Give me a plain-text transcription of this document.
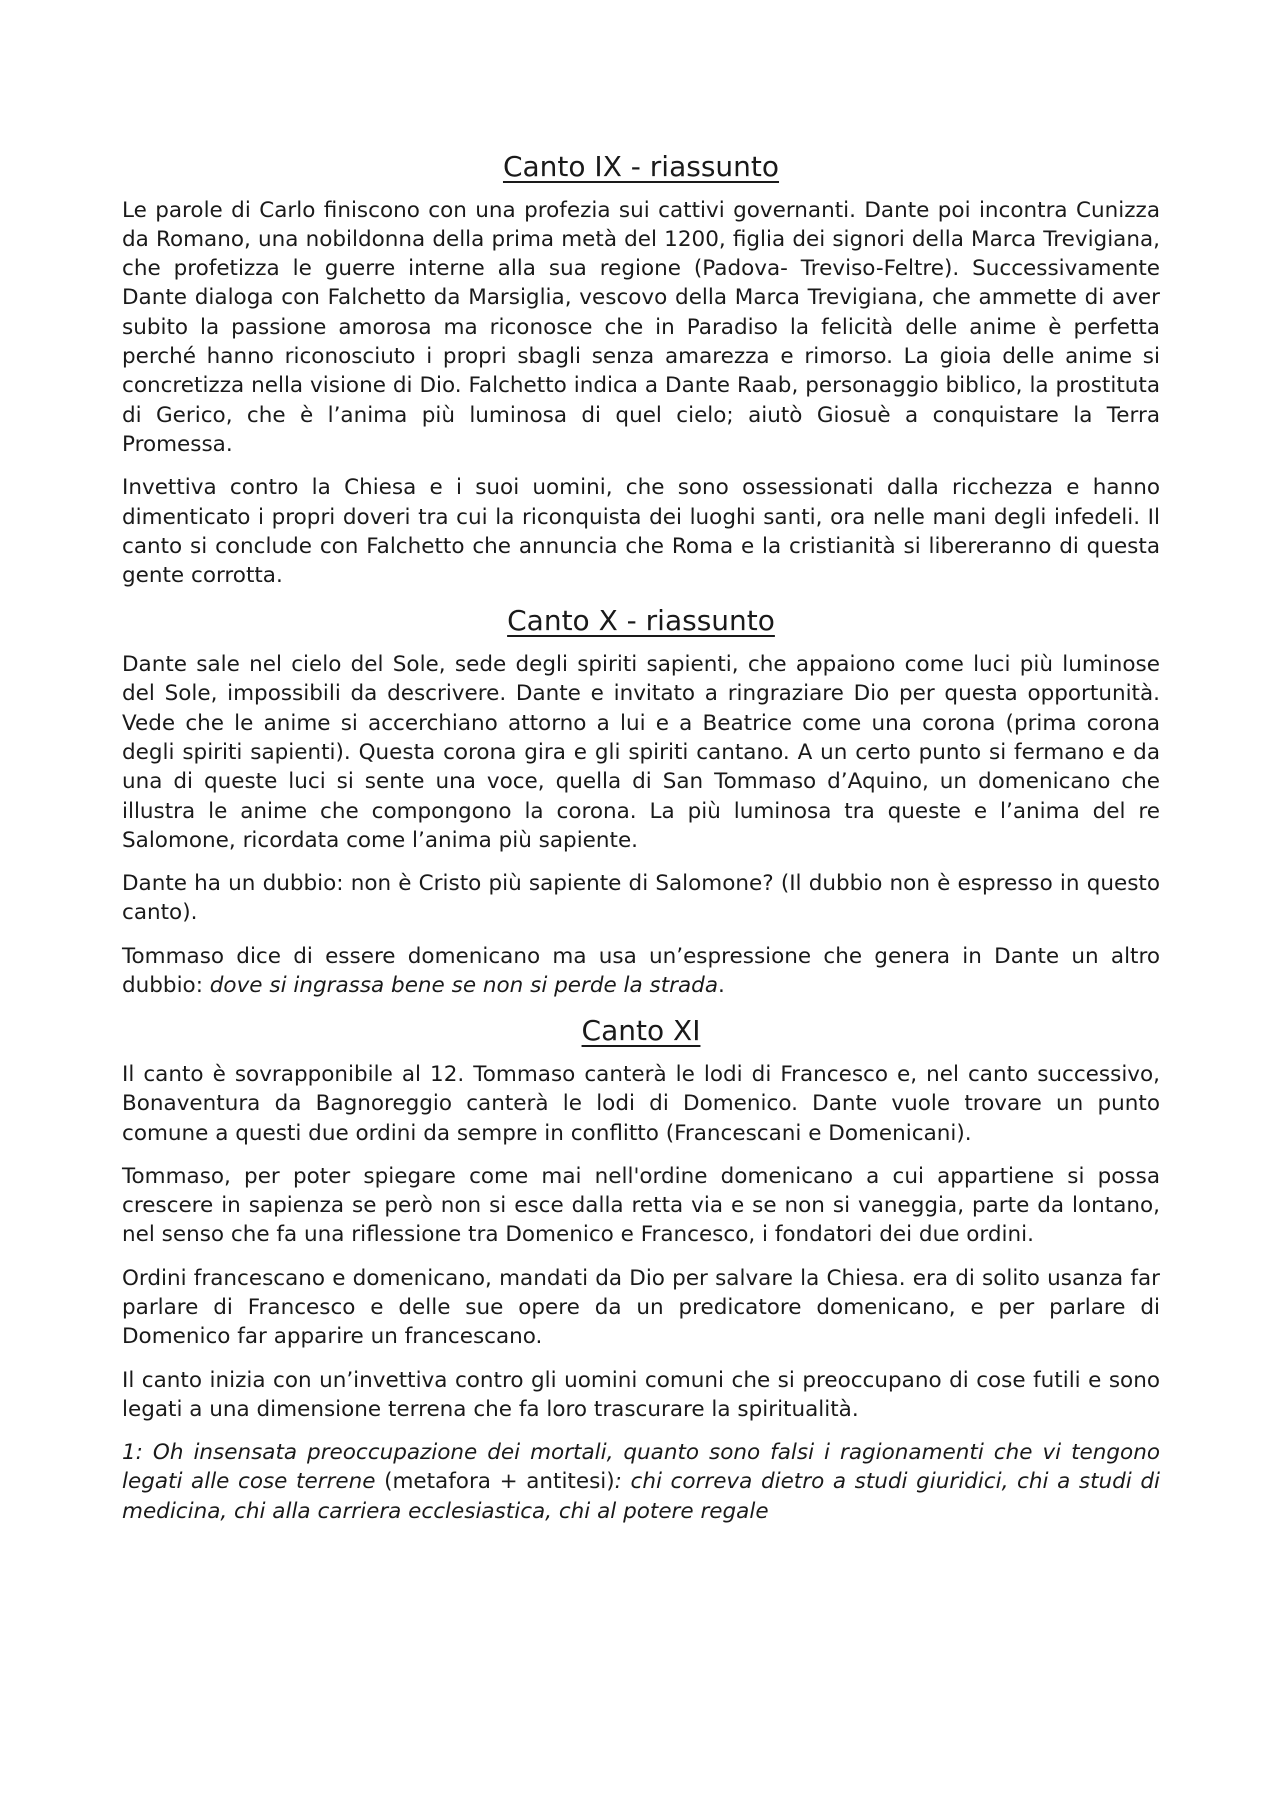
Canto IX - riassunto

Le parole di Carlo finiscono con una profezia sui cattivi governanti. Dante poi incontra Cunizza da Romano, una nobildonna della prima metà del 1200, figlia dei signori della Marca Trevigiana, che profetizza le guerre interne alla sua regione (Padova- Treviso-Feltre). Successivamente Dante dialoga con Falchetto da Marsiglia, vescovo della Marca Trevigiana, che ammette di aver subito la passione amorosa ma riconosce che in Paradiso la felicità delle anime è perfetta perché hanno riconosciuto i propri sbagli senza amarezza e rimorso. La gioia delle anime si concretizza nella visione di Dio. Falchetto indica a Dante Raab, personaggio biblico, la prostituta di Gerico, che è l’anima più luminosa di quel cielo; aiutò Giosuè a conquistare la Terra Promessa.

Invettiva contro la Chiesa e i suoi uomini, che sono ossessionati dalla ricchezza e hanno dimenticato i propri doveri tra cui la riconquista dei luoghi santi, ora nelle mani degli infedeli. Il canto si conclude con Falchetto che annuncia che Roma e la cristianità si libereranno di questa gente corrotta.

Canto X - riassunto

Dante sale nel cielo del Sole, sede degli spiriti sapienti, che appaiono come luci più luminose del Sole, impossibili da descrivere. Dante e invitato a ringraziare Dio per questa opportunità. Vede che le anime si accerchiano attorno a lui e a Beatrice come una corona (prima corona degli spiriti sapienti). Questa corona gira e gli spiriti cantano. A un certo punto si fermano e da una di queste luci si sente una voce, quella di San Tommaso d’Aquino, un domenicano che illustra le anime che compongono la corona. La più luminosa tra queste e l’anima del re Salomone, ricordata come l’anima più sapiente.

Dante ha un dubbio: non è Cristo più sapiente di Salomone? (Il dubbio non è espresso in questo canto).

Tommaso dice di essere domenicano ma usa un’espressione che genera in Dante un altro dubbio: dove si ingrassa bene se non si perde la strada.

Canto XI

Il canto è sovrapponibile al 12. Tommaso canterà le lodi di Francesco e, nel canto successivo, Bonaventura da Bagnoreggio canterà le lodi di Domenico. Dante vuole trovare un punto comune a questi due ordini da sempre in conflitto (Francescani e Domenicani).

Tommaso, per poter spiegare come mai nell'ordine domenicano a cui appartiene si possa crescere in sapienza se però non si esce dalla retta via e se non si vaneggia, parte da lontano, nel senso che fa una riflessione tra Domenico e Francesco, i fondatori dei due ordini.

Ordini francescano e domenicano, mandati da Dio per salvare la Chiesa. era di solito usanza far parlare di Francesco e delle sue opere da un predicatore domenicano, e per parlare di Domenico far apparire un francescano.

Il canto inizia con un’invettiva contro gli uomini comuni che si preoccupano di cose futili e sono legati a una dimensione terrena che fa loro trascurare la spiritualità.

1: Oh insensata preoccupazione dei mortali, quanto sono falsi i ragionamenti che vi tengono legati alle cose terrene (metafora + antitesi): chi correva dietro a studi giuridici, chi a studi di medicina, chi alla carriera ecclesiastica, chi al potere regale
